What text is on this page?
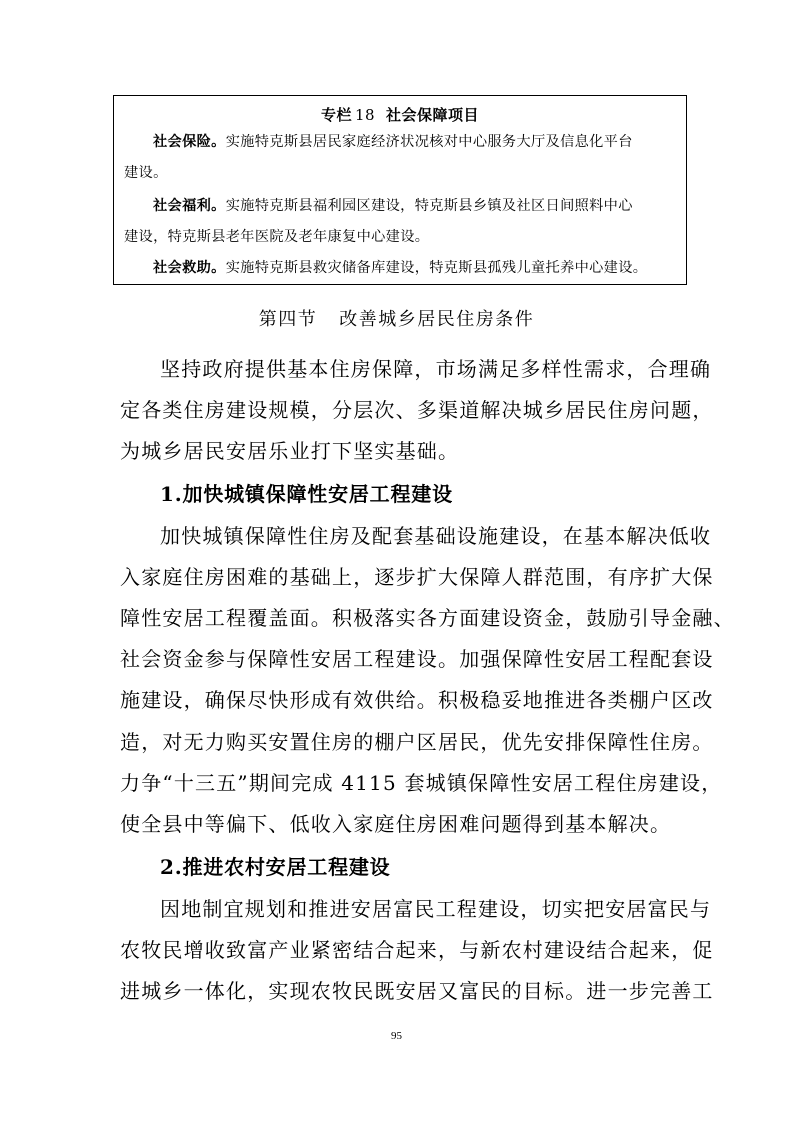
专栏 18 社会保障项目
社会保险。实施特克斯县居民家庭经济状况核对中心服务大厅及信息化平台
建设。
社会福利。实施特克斯县福利园区建设，特克斯县乡镇及社区日间照料中心
建设，特克斯县老年医院及老年康复中心建设。
社会救助。实施特克斯县救灾储备库建设，特克斯县孤残儿童托养中心建设。
第四节 改善城乡居民住房条件
坚持政府提供基本住房保障，市场满足多样性需求，合理确
定各类住房建设规模，分层次、多渠道解决城乡居民住房问题，
为城乡居民安居乐业打下坚实基础。
1.加快城镇保障性安居工程建设
加快城镇保障性住房及配套基础设施建设，在基本解决低收
入家庭住房困难的基础上，逐步扩大保障人群范围，有序扩大保
障性安居工程覆盖面。积极落实各方面建设资金，鼓励引导金融、
社会资金参与保障性安居工程建设。加强保障性安居工程配套设
施建设，确保尽快形成有效供给。积极稳妥地推进各类棚户区改
造，对无力购买安置住房的棚户区居民，优先安排保障性住房。
力争“十三五”期间完成 4115 套城镇保障性安居工程住房建设，
使全县中等偏下、低收入家庭住房困难问题得到基本解决。
2.推进农村安居工程建设
因地制宜规划和推进安居富民工程建设，切实把安居富民与
农牧民增收致富产业紧密结合起来，与新农村建设结合起来，促
进城乡一体化，实现农牧民既安居又富民的目标。进一步完善工
95
